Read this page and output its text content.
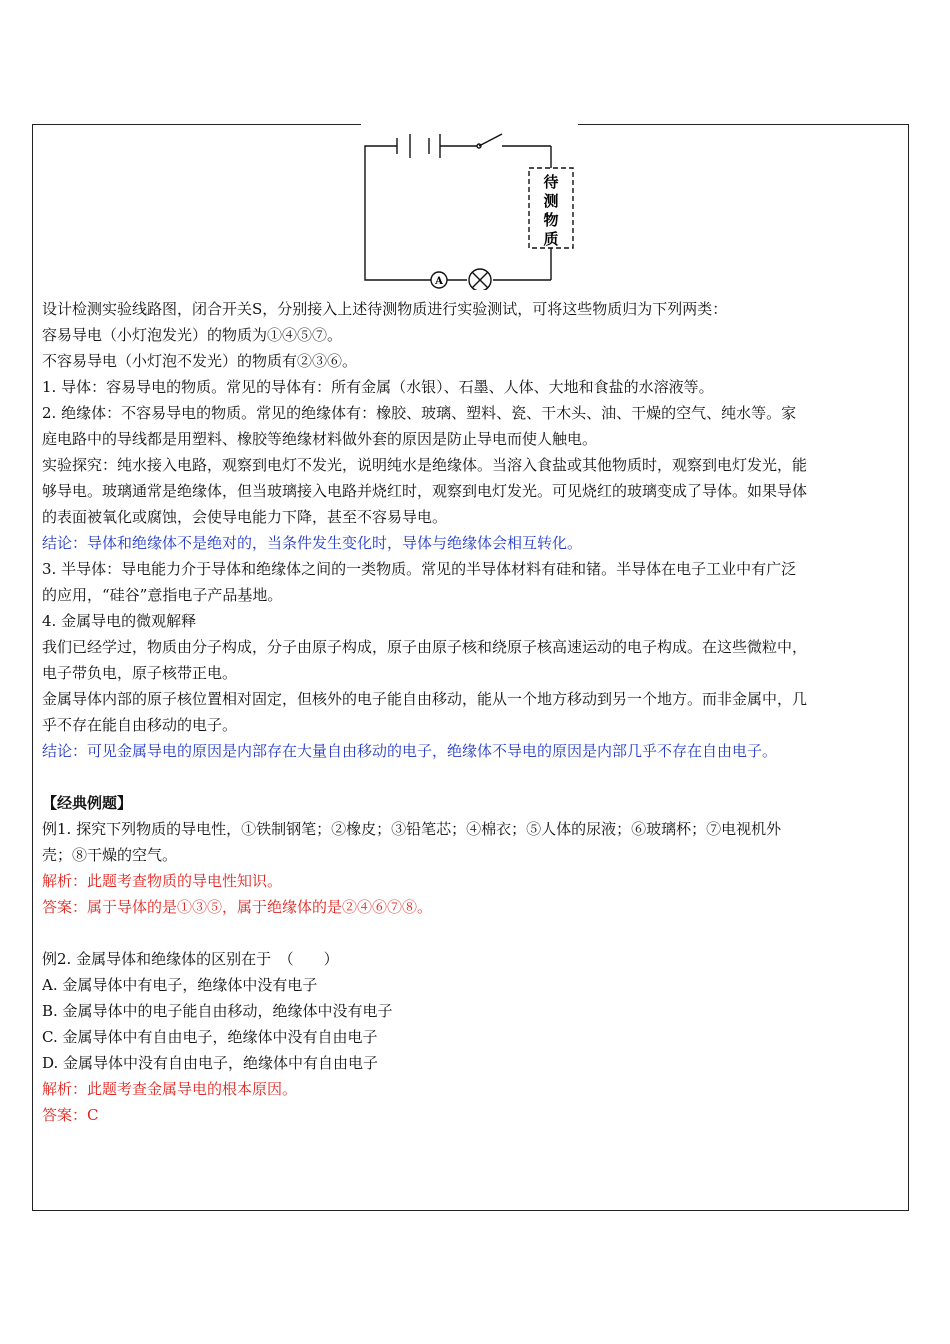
A
待
测
物
质
设计检测实验线路图，闭合开关S，分别接入上述待测物质进行实验测试，可将这些物质归为下列两类：
容易导电（小灯泡发光）的物质为①④⑤⑦。
不容易导电（小灯泡不发光）的物质有②③⑥。
1. 导体：容易导电的物质。常见的导体有：所有金属（水银）、石墨、人体、大地和食盐的水溶液等。
2. 绝缘体：不容易导电的物质。常见的绝缘体有：橡胶、玻璃、塑料、瓷、干木头、油、干燥的空气、纯水等。家
庭电路中的导线都是用塑料、橡胶等绝缘材料做外套的原因是防止导电而使人触电。
实验探究：纯水接入电路，观察到电灯不发光，说明纯水是绝缘体。当溶入食盐或其他物质时，观察到电灯发光，能
够导电。玻璃通常是绝缘体，但当玻璃接入电路并烧红时，观察到电灯发光。可见烧红的玻璃变成了导体。如果导体
的表面被氧化或腐蚀，会使导电能力下降，甚至不容易导电。
结论：导体和绝缘体不是绝对的，当条件发生变化时，导体与绝缘体会相互转化。
3. 半导体：导电能力介于导体和绝缘体之间的一类物质。常见的半导体材料有硅和锗。半导体在电子工业中有广泛
的应用，“硅谷”意指电子产品基地。
4. 金属导电的微观解释
我们已经学过，物质由分子构成，分子由原子构成，原子由原子核和绕原子核高速运动的电子构成。在这些微粒中，
电子带负电，原子核带正电。
金属导体内部的原子核位置相对固定，但核外的电子能自由移动，能从一个地方移动到另一个地方。而非金属中，几
乎不存在能自由移动的电子。
结论：可见金属导电的原因是内部存在大量自由移动的电子，绝缘体不导电的原因是内部几乎不存在自由电子。
【经典例题】
例1. 探究下列物质的导电性，①铁制钢笔；②橡皮；③铅笔芯；④棉衣；⑤人体的尿液；⑥玻璃杯；⑦电视机外
壳；⑧干燥的空气。
解析：此题考查物质的导电性知识。
答案：属于导体的是①③⑤，属于绝缘体的是②④⑥⑦⑧。
例2. 金属导体和绝缘体的区别在于　（　　）
A. 金属导体中有电子，绝缘体中没有电子
B. 金属导体中的电子能自由移动，绝缘体中没有电子
C. 金属导体中有自由电子，绝缘体中没有自由电子
D. 金属导体中没有自由电子，绝缘体中有自由电子
解析：此题考查金属导电的根本原因。
答案：C
